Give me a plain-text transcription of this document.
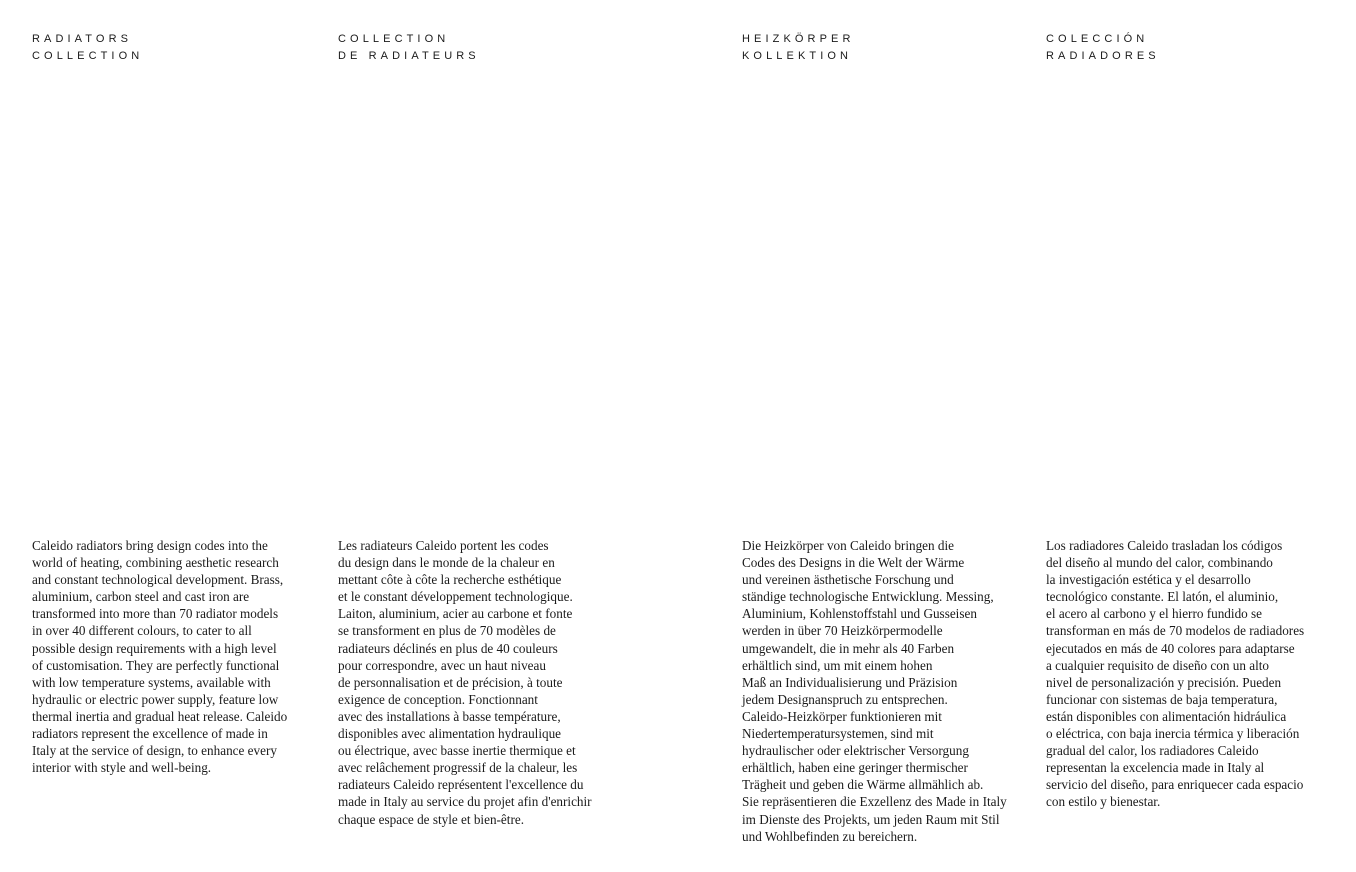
RADIATORS
COLLECTION

Caleido radiators bring design codes into the
world of heating, combining aesthetic research
and constant technological development. Brass,
aluminium, carbon steel and cast iron are
transformed into more than 70 radiator models
in over 40 different colours, to cater to all
possible design requirements with a high level
of customisation. They are perfectly functional
with low temperature systems, available with
hydraulic or electric power supply, feature low
thermal inertia and gradual heat release. Caleido
radiators represent the excellence of made in
Italy at the service of design, to enhance every
interior with style and well-being.

COLLECTION
DE RADIATEURS

Les radiateurs Caleido portent les codes
du design dans le monde de la chaleur en
mettant côte à côte la recherche esthétique
et le constant développement technologique.
Laiton, aluminium, acier au carbone et fonte
se transforment en plus de 70 modèles de
radiateurs déclinés en plus de 40 couleurs
pour correspondre, avec un haut niveau
de personnalisation et de précision, à toute
exigence de conception. Fonctionnant
avec des installations à basse température,
disponibles avec alimentation hydraulique
ou électrique, avec basse inertie thermique et
avec relâchement progressif de la chaleur, les
radiateurs Caleido représentent l'excellence du
made in Italy au service du projet afin d'enrichir
chaque espace de style et bien-être.

HEIZKÖRPER
KOLLEKTION

Die Heizkörper von Caleido bringen die
Codes des Designs in die Welt der Wärme
und vereinen ästhetische Forschung und
ständige technologische Entwicklung. Messing,
Aluminium, Kohlenstoffstahl und Gusseisen
werden in über 70 Heizkörpermodelle
umgewandelt, die in mehr als 40 Farben
erhältlich sind, um mit einem hohen
Maß an Individualisierung und Präzision
jedem Designanspruch zu entsprechen.
Caleido-Heizkörper funktionieren mit
Niedertemperatursystemen, sind mit
hydraulischer oder elektrischer Versorgung
erhältlich, haben eine geringer thermischer
Trägheit und geben die Wärme allmählich ab.
Sie repräsentieren die Exzellenz des Made in Italy
im Dienste des Projekts, um jeden Raum mit Stil
und Wohlbefinden zu bereichern.

COLECCIÓN
RADIADORES

Los radiadores Caleido trasladan los códigos
del diseño al mundo del calor, combinando
la investigación estética y el desarrollo
tecnológico constante. El latón, el aluminio,
el acero al carbono y el hierro fundido se
transforman en más de 70 modelos de radiadores
ejecutados en más de 40 colores para adaptarse
a cualquier requisito de diseño con un alto
nivel de personalización y precisión. Pueden
funcionar con sistemas de baja temperatura,
están disponibles con alimentación hidráulica
o eléctrica, con baja inercia térmica y liberación
gradual del calor, los radiadores Caleido
representan la excelencia made in Italy al
servicio del diseño, para enriquecer cada espacio
con estilo y bienestar.
